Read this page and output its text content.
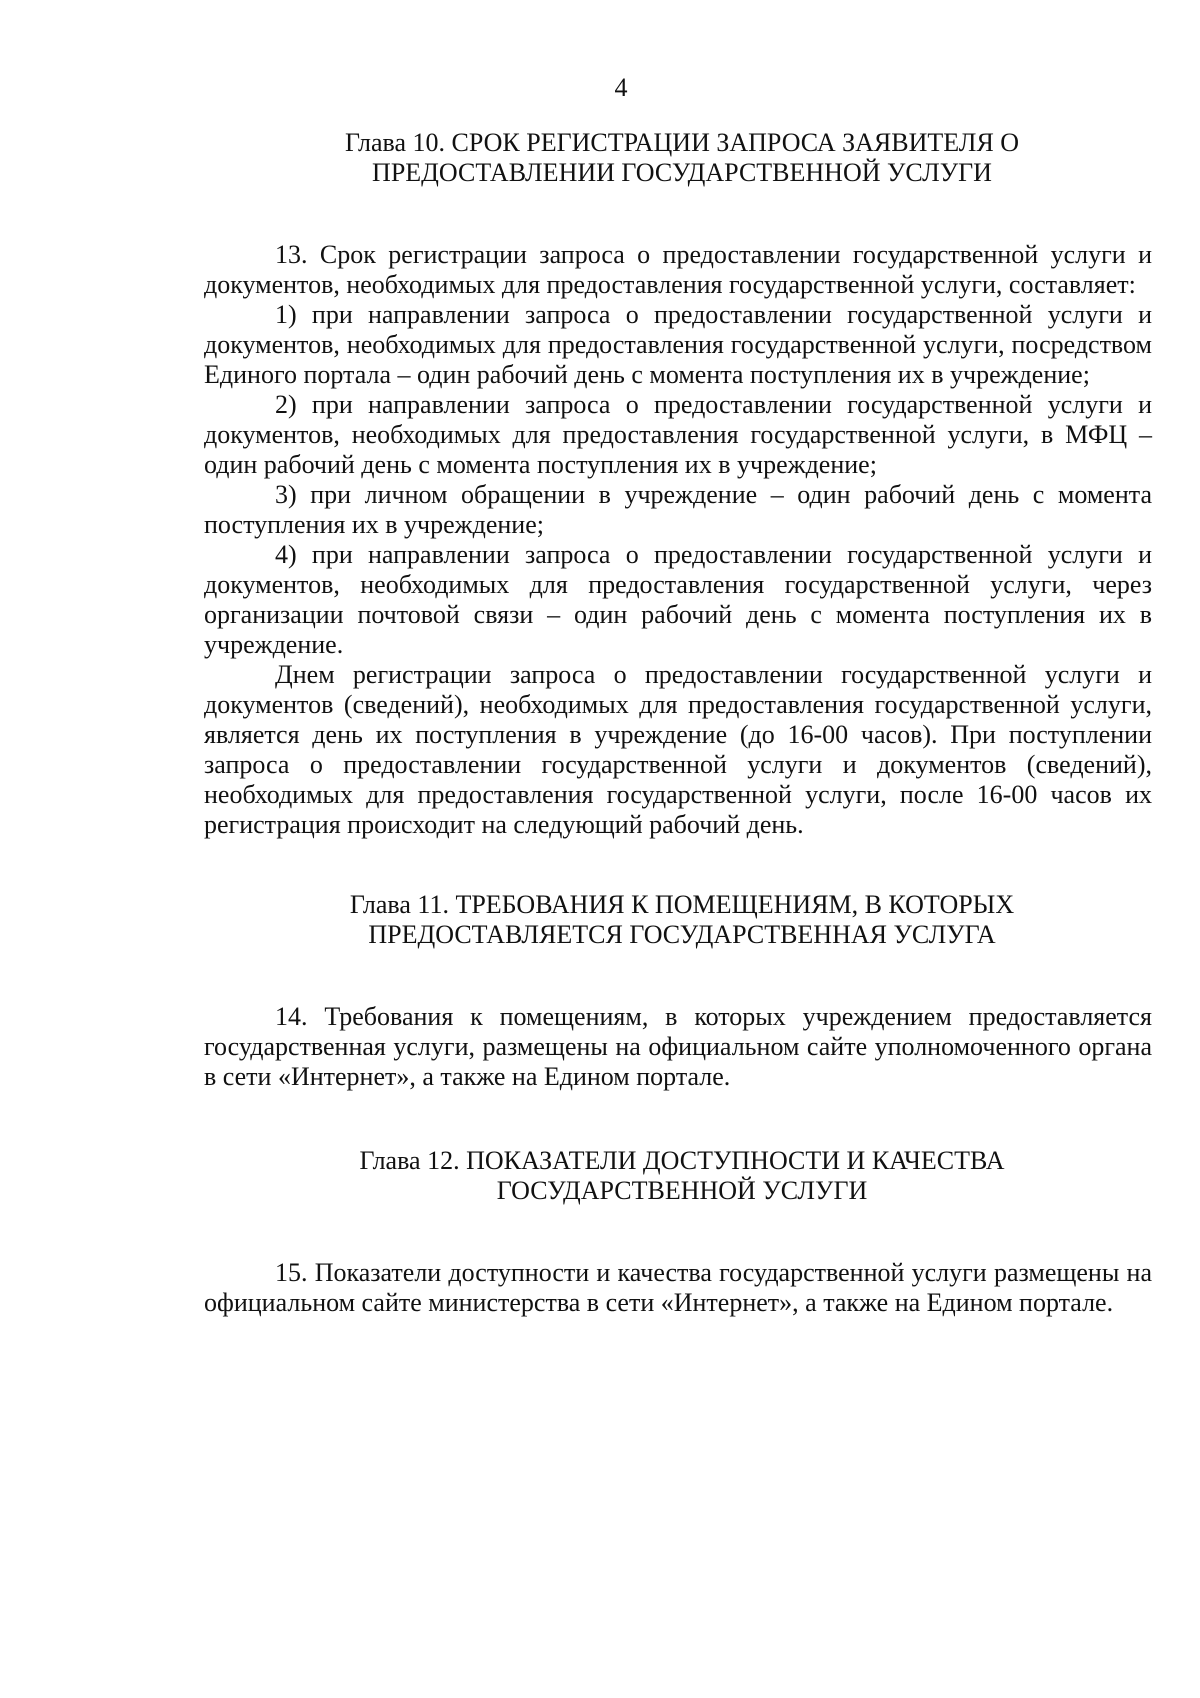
4
Глава 10. СРОК РЕГИСТРАЦИИ ЗАПРОСА ЗАЯВИТЕЛЯ О
ПРЕДОСТАВЛЕНИИ ГОСУДАРСТВЕННОЙ УСЛУГИ

13. Срок регистрации запроса о предоставлении государственной услуги и документов, необходимых для предоставления государственной услуги, составляет:

1) при направлении запроса о предоставлении государственной услуги и документов, необходимых для предоставления государственной услуги, посредством Единого портала – один рабочий день с момента поступления их в учреждение;

2) при направлении запроса о предоставлении государственной услуги и документов, необходимых для предоставления государственной услуги, в МФЦ – один рабочий день с момента поступления их в учреждение;

3) при личном обращении в учреждение – один рабочий день с момента поступления их в учреждение;

4) при направлении запроса о предоставлении государственной услуги и документов, необходимых для предоставления государственной услуги, через организации почтовой связи – один рабочий день с момента поступления их в учреждение.

Днем регистрации запроса о предоставлении государственной услуги и документов (сведений), необходимых для предоставления государственной услуги, является день их поступления в учреждение (до 16-00 часов). При поступлении запроса о предоставлении государственной услуги и документов (сведений), необходимых для предоставления государственной услуги, после 16-00 часов их регистрация происходит на следующий рабочий день.

Глава 11. ТРЕБОВАНИЯ К ПОМЕЩЕНИЯМ, В КОТОРЫХ
ПРЕДОСТАВЛЯЕТСЯ ГОСУДАРСТВЕННАЯ УСЛУГА

14. Требования к помещениям, в которых учреждением предоставляется государственная услуги, размещены на официальном сайте уполномоченного органа в сети «Интернет», а также на Едином портале.

Глава 12. ПОКАЗАТЕЛИ ДОСТУПНОСТИ И КАЧЕСТВА
ГОСУДАРСТВЕННОЙ УСЛУГИ

15. Показатели доступности и качества государственной услуги размещены на официальном сайте министерства в сети «Интернет», а также на Едином портале.
